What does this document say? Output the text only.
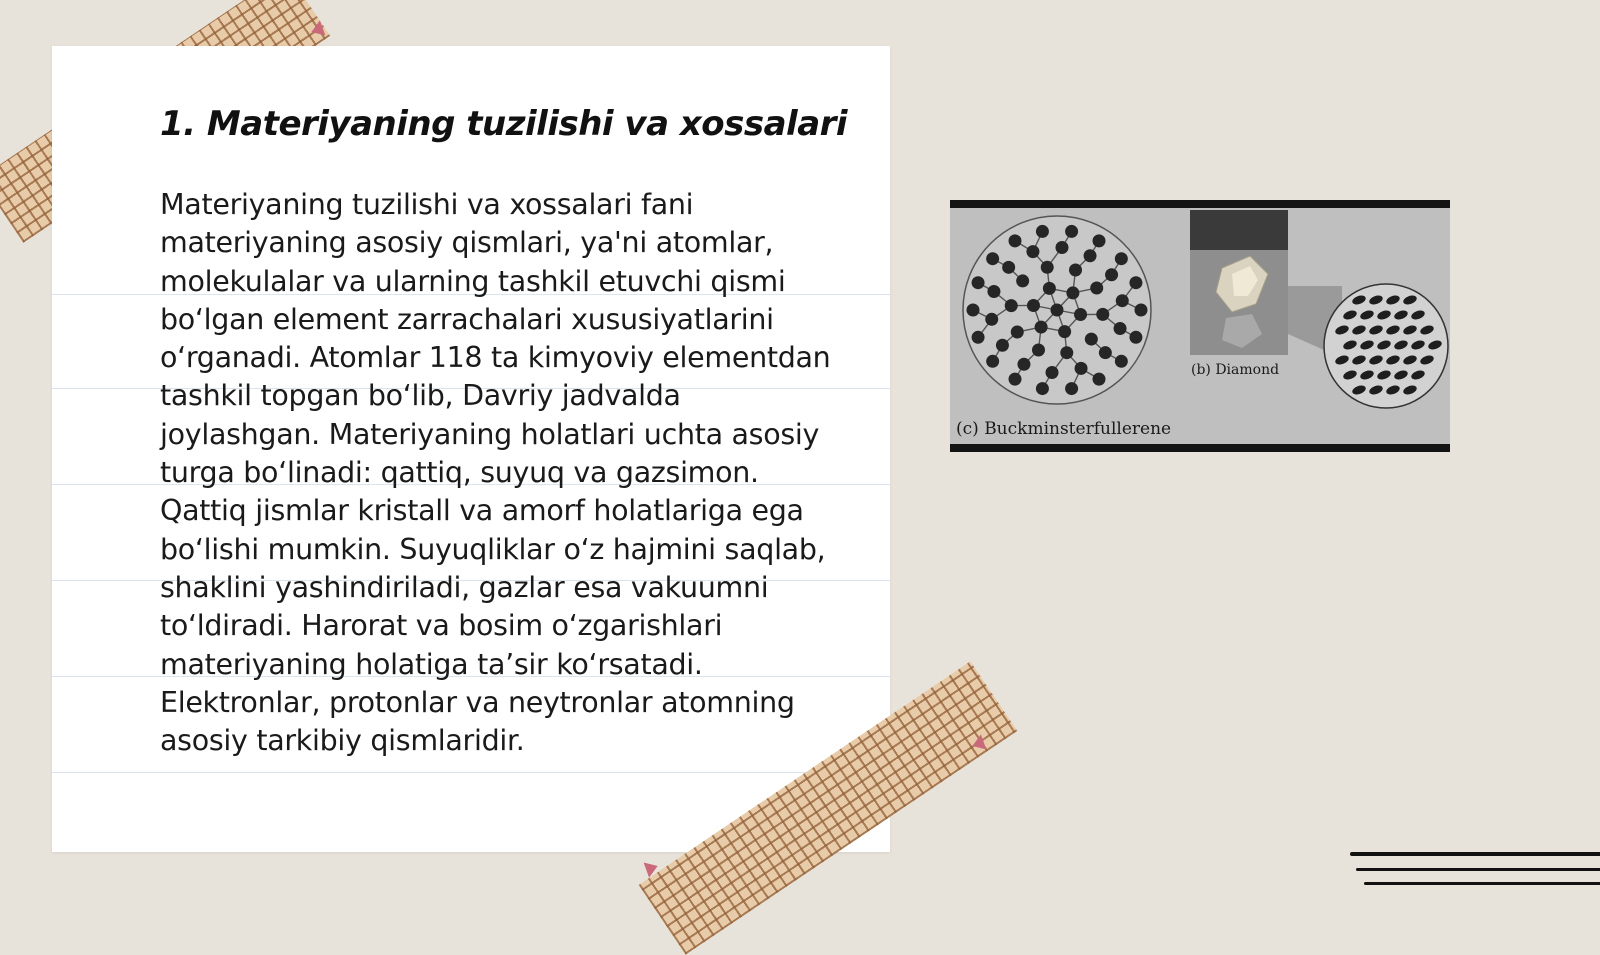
1. Materiyaning tuzilishi va xossalari

Materiyaning tuzilishi va xossalari fani materiyaning asosiy qismlari, ya'ni atomlar, molekulalar va ularning tashkil etuvchi qismi bo‘lgan element zarrachalari xususiyatlarini o‘rganadi. Atomlar 118 ta kimyoviy elementdan tashkil topgan bo‘lib, Davriy jadvalda joylashgan. Materiyaning holatlari uchta asosiy turga bo‘linadi: qattiq, suyuq va gazsimon. Qattiq jismlar kristall va amorf holatlariga ega bo‘lishi mumkin. Suyuqliklar o‘z hajmini saqlab, shaklini yashindiriladi, gazlar esa vakuumni to‘ldiradi. Harorat va bosim o‘zgarishlari materiyaning holatiga ta’sir ko‘rsatadi. Elektronlar, protonlar va neytronlar atomning asosiy tarkibiy qismlaridir.

(b) Diamond
(c) Buckminsterfullerene
